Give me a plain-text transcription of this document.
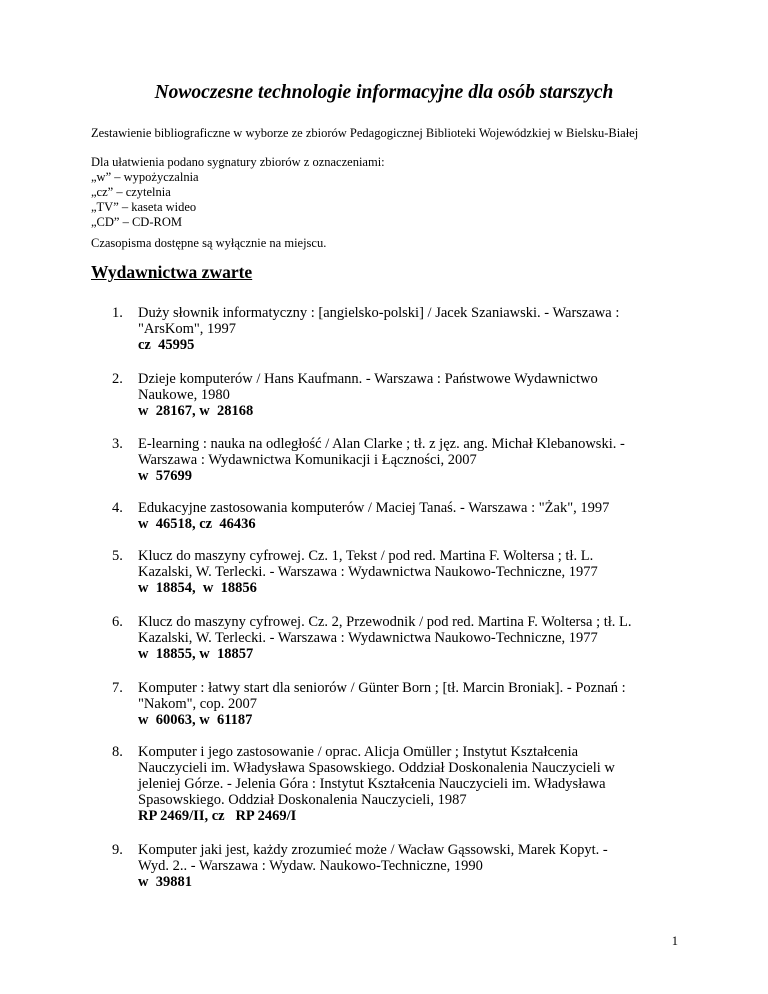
Nowoczesne technologie informacyjne dla osób starszych
Zestawienie bibliograficzne w wyborze ze zbiorów Pedagogicznej Biblioteki Wojewódzkiej w Bielsku-Białej
Dla ułatwienia podano sygnatury zbiorów z oznaczeniami:
„w” – wypożyczalnia
„cz” – czytelnia
„TV” – kaseta wideo
„CD” – CD-ROM
Czasopisma dostępne są wyłącznie na miejscu.
Wydawnictwa zwarte
1.	Duży słownik informatyczny : [angielsko-polski] / Jacek Szaniawski. - Warszawa :
"ArsKom", 1997
cz  45995
2.	Dzieje komputerów / Hans Kaufmann. - Warszawa : Państwowe Wydawnictwo
Naukowe, 1980
w  28167, w  28168
3.	E-learning : nauka na odległość / Alan Clarke ; tł. z jęz. ang. Michał Klebanowski. -
Warszawa : Wydawnictwa Komunikacji i Łączności, 2007
w  57699
4.	Edukacyjne zastosowania komputerów / Maciej Tanaś. - Warszawa : "Żak", 1997
w  46518, cz  46436
5.	Klucz do maszyny cyfrowej. Cz. 1, Tekst / pod red. Martina F. Woltersa ; tł. L.
Kazalski, W. Terlecki. - Warszawa : Wydawnictwa Naukowo-Techniczne, 1977
w  18854,  w  18856
6.	Klucz do maszyny cyfrowej. Cz. 2, Przewodnik / pod red. Martina F. Woltersa ; tł. L.
Kazalski, W. Terlecki. - Warszawa : Wydawnictwa Naukowo-Techniczne, 1977
w  18855, w  18857
7.	Komputer : łatwy start dla seniorów / Günter Born ; [tł. Marcin Broniak]. - Poznań :
"Nakom", cop. 2007
w  60063, w  61187
8.	Komputer i jego zastosowanie / oprac. Alicja Omüller ; Instytut Kształcenia
Nauczycieli im. Władysława Spasowskiego. Oddział Doskonalenia Nauczycieli w
jeleniej Górze. - Jelenia Góra : Instytut Kształcenia Nauczycieli im. Władysława
Spasowskiego. Oddział Doskonalenia Nauczycieli, 1987
RP 2469/II, cz   RP 2469/I
9.	Komputer jaki jest, każdy zrozumieć może / Wacław Gąssowski, Marek Kopyt. -
Wyd. 2.. - Warszawa : Wydaw. Naukowo-Techniczne, 1990
w  39881
1
